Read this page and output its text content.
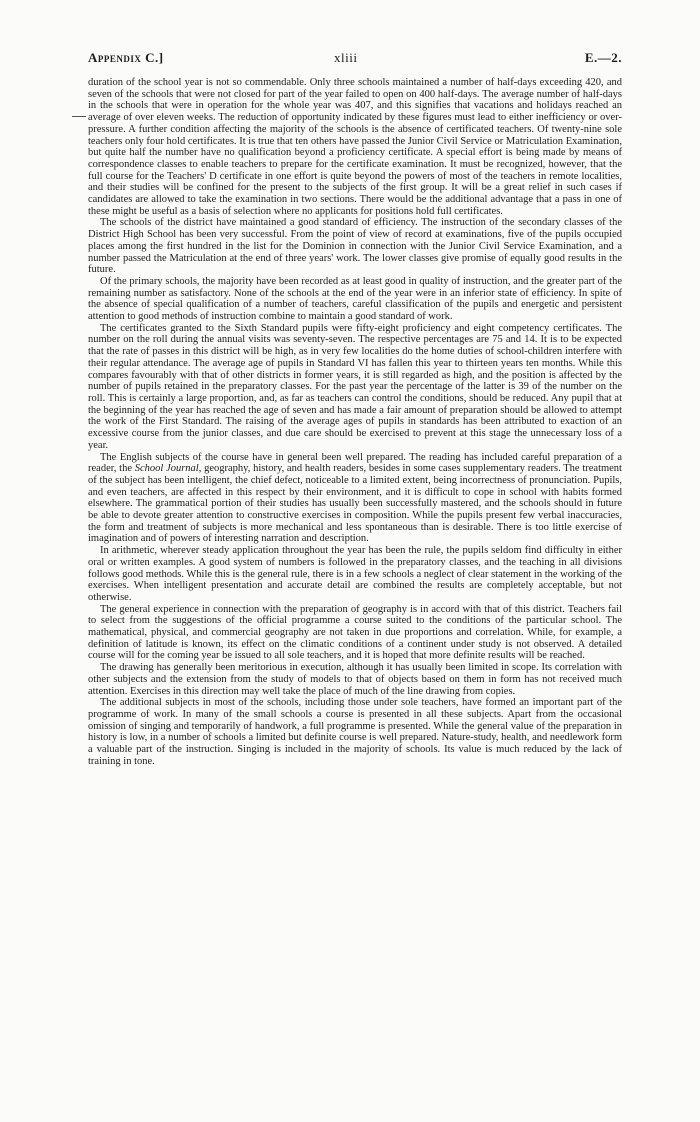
Appendix C.]	xliii	E.—2.

duration of the school year is not so commendable. Only three schools maintained a number of half-days exceeding 420, and seven of the schools that were not closed for part of the year failed to open on 400 half-days. The average number of half-days in the schools that were in operation for the whole year was 407, and this signifies that vacations and holidays reached an average of over eleven weeks. The reduction of opportunity indicated by these figures must lead to either inefficiency or over-pressure. A further condition affecting the majority of the schools is the absence of certificated teachers. Of twenty-nine sole teachers only four hold certificates. It is true that ten others have passed the Junior Civil Service or Matriculation Examination, but quite half the number have no qualification beyond a proficiency certificate. A special effort is being made by means of correspondence classes to enable teachers to prepare for the certificate examination. It must be recognized, however, that the full course for the Teachers' D certificate in one effort is quite beyond the powers of most of the teachers in remote localities, and their studies will be confined for the present to the subjects of the first group. It will be a great relief in such cases if candidates are allowed to take the examination in two sections. There would be the additional advantage that a pass in one of these might be useful as a basis of selection where no applicants for positions hold full certificates.

The schools of the district have maintained a good standard of efficiency. The instruction of the secondary classes of the District High School has been very successful. From the point of view of record at examinations, five of the pupils occupied places among the first hundred in the list for the Dominion in connection with the Junior Civil Service Examination, and a number passed the Matriculation at the end of three years' work. The lower classes give promise of equally good results in the future.

Of the primary schools, the majority have been recorded as at least good in quality of instruction, and the greater part of the remaining number as satisfactory. None of the schools at the end of the year were in an inferior state of efficiency. In spite of the absence of special qualification of a number of teachers, careful classification of the pupils and energetic and persistent attention to good methods of instruction combine to maintain a good standard of work.

The certificates granted to the Sixth Standard pupils were fifty-eight proficiency and eight competency certificates. The number on the roll during the annual visits was seventy-seven. The respective percentages are 75 and 14. It is to be expected that the rate of passes in this district will be high, as in very few localities do the home duties of school-children interfere with their regular attendance. The average age of pupils in Standard VI has fallen this year to thirteen years ten months. While this compares favourably with that of other districts in former years, it is still regarded as high, and the position is affected by the number of pupils retained in the preparatory classes. For the past year the percentage of the latter is 39 of the number on the roll. This is certainly a large proportion, and, as far as teachers can control the conditions, should be reduced. Any pupil that at the beginning of the year has reached the age of seven and has made a fair amount of preparation should be allowed to attempt the work of the First Standard. The raising of the average ages of pupils in standards has been attributed to exaction of an excessive course from the junior classes, and due care should be exercised to prevent at this stage the unnecessary loss of a year.

The English subjects of the course have in general been well prepared. The reading has included careful preparation of a reader, the School Journal, geography, history, and health readers, besides in some cases supplementary readers. The treatment of the subject has been intelligent, the chief defect, noticeable to a limited extent, being incorrectness of pronunciation. Pupils, and even teachers, are affected in this respect by their environment, and it is difficult to cope in school with habits formed elsewhere. The grammatical portion of their studies has usually been successfully mastered, and the schools should in future be able to devote greater attention to constructive exercises in composition. While the pupils present few verbal inaccuracies, the form and treatment of subjects is more mechanical and less spontaneous than is desirable. There is too little exercise of imagination and of powers of interesting narration and description.

In arithmetic, wherever steady application throughout the year has been the rule, the pupils seldom find difficulty in either oral or written examples. A good system of numbers is followed in the preparatory classes, and the teaching in all divisions follows good methods. While this is the general rule, there is in a few schools a neglect of clear statement in the working of the exercises. When intelligent presentation and accurate detail are combined the results are completely acceptable, but not otherwise.

The general experience in connection with the preparation of geography is in accord with that of this district. Teachers fail to select from the suggestions of the official programme a course suited to the conditions of the particular school. The mathematical, physical, and commercial geography are not taken in due proportions and correlation. While, for example, a definition of latitude is known, its effect on the climatic conditions of a continent under study is not observed. A detailed course will for the coming year be issued to all sole teachers, and it is hoped that more definite results will be reached.

The drawing has generally been meritorious in execution, although it has usually been limited in scope. Its correlation with other subjects and the extension from the study of models to that of objects based on them in form has not received much attention. Exercises in this direction may well take the place of much of the line drawing from copies.

The additional subjects in most of the schools, including those under sole teachers, have formed an important part of the programme of work. In many of the small schools a course is presented in all these subjects. Apart from the occasional omission of singing and temporarily of handwork, a full programme is presented. While the general value of the preparation in history is low, in a number of schools a limited but definite course is well prepared. Nature-study, health, and needlework form a valuable part of the instruction. Singing is included in the majority of schools. Its value is much reduced by the lack of training in tone.
